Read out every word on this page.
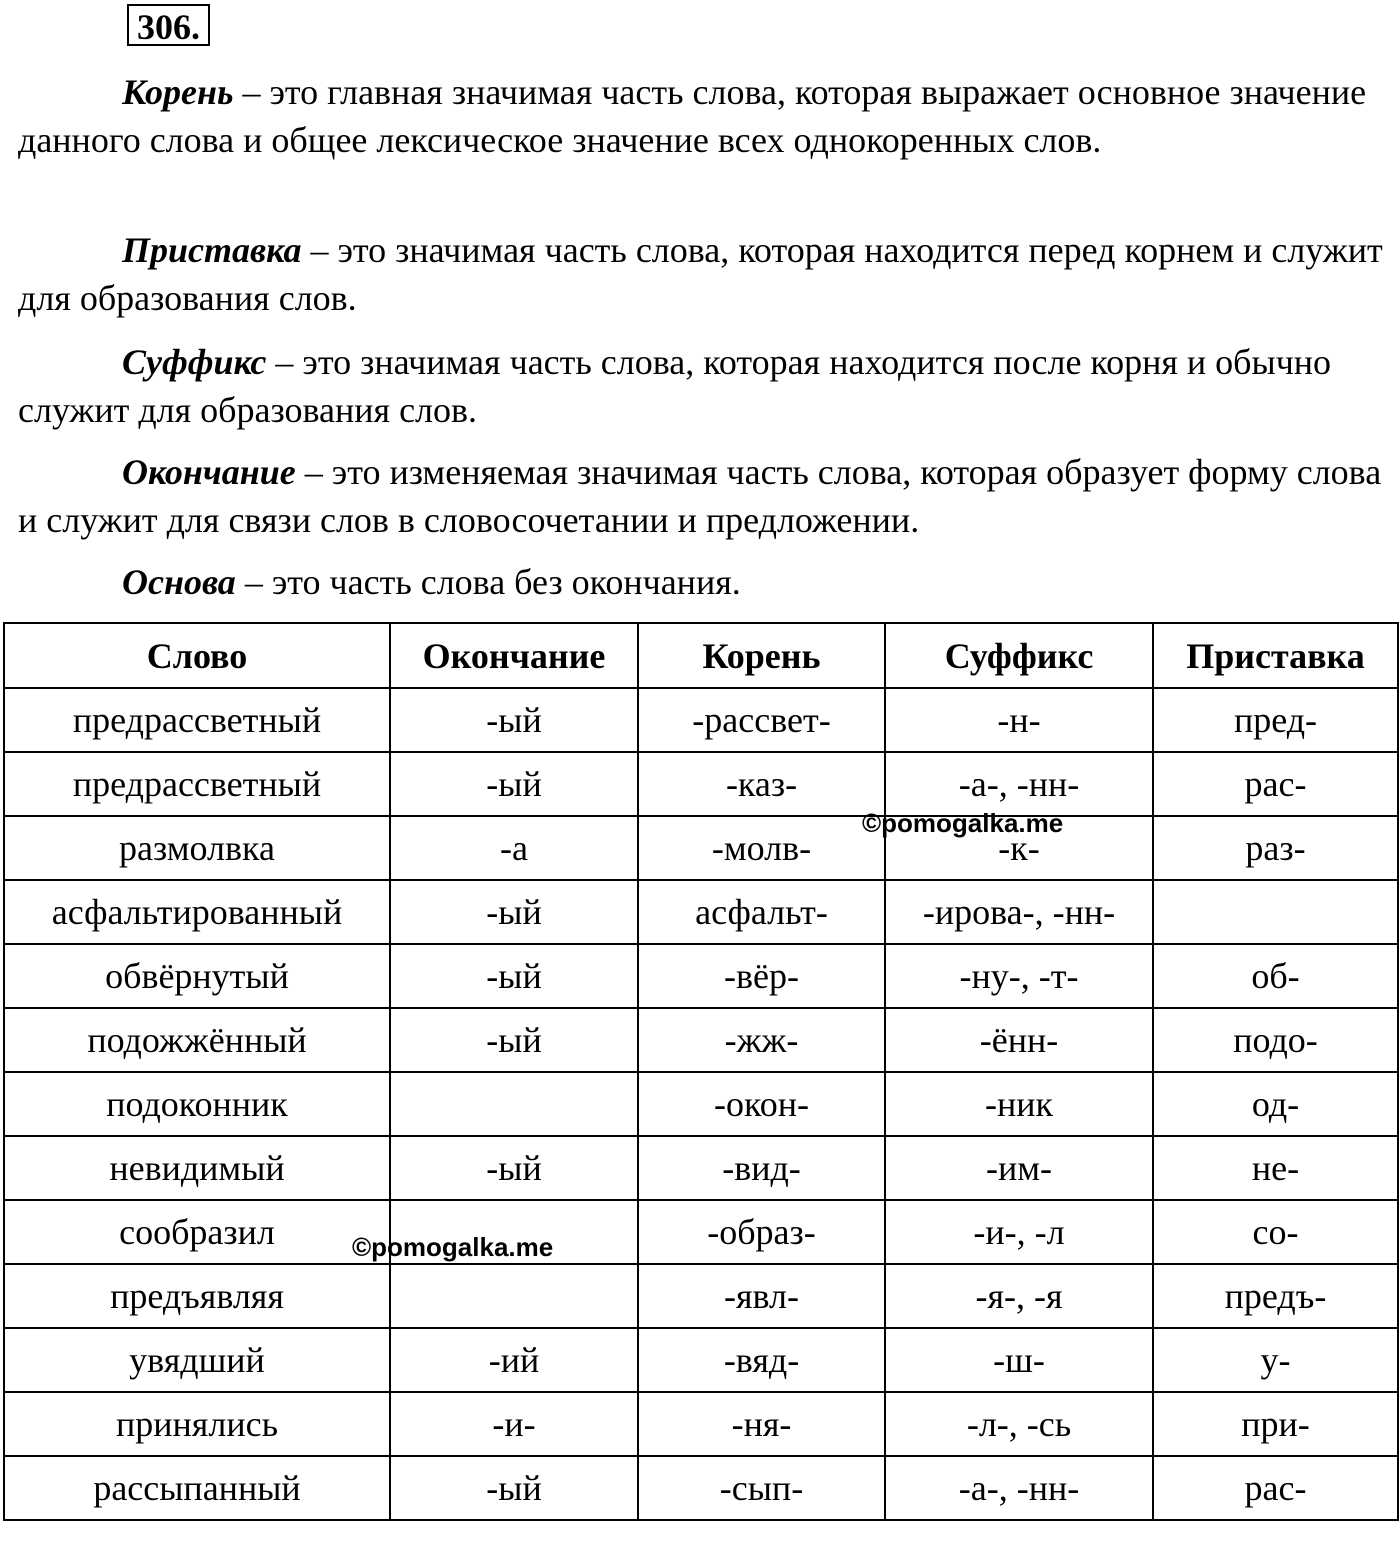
306.

Корень – это главная значимая часть слова, которая выражает основное значение данного слова и общее лексическое значение всех однокоренных слов.

Приставка – это значимая часть слова, которая находится перед корнем и служит для образования слов.

Суффикс – это значимая часть слова, которая находится после корня и обычно служит для образования слов.

Окончание – это изменяемая значимая часть слова, которая образует форму слова и служит для связи слов в словосочетании и предложении.

Основа – это часть слова без окончания.

Слово	Окончание	Корень	Суффикс	Приставка
предрассветный	-ый	-рассвет-	-н-	пред-
предрассветный	-ый	-каз-	-а-, -нн-	рас-
размолвка	-а	-молв-	-к-	раз-
асфальтированный	-ый	асфальт-	-ирова-, -нн-	
обвёрнутый	-ый	-вёр-	-ну-, -т-	об-
подожжённый	-ый	-жж-	-ённ-	подо-
подоконник		-окон-	-ник	од-
невидимый	-ый	-вид-	-им-	не-
сообразил		-образ-	-и-, -л	со-
предъявляя		-явл-	-я-, -я	предъ-
увядший	-ий	-вяд-	-ш-	у-
принялись	-и-	-ня-	-л-, -сь	при-
рассыпанный	-ый	-сып-	-а-, -нн-	рас-
©pomogalka.me
©pomogalka.me
